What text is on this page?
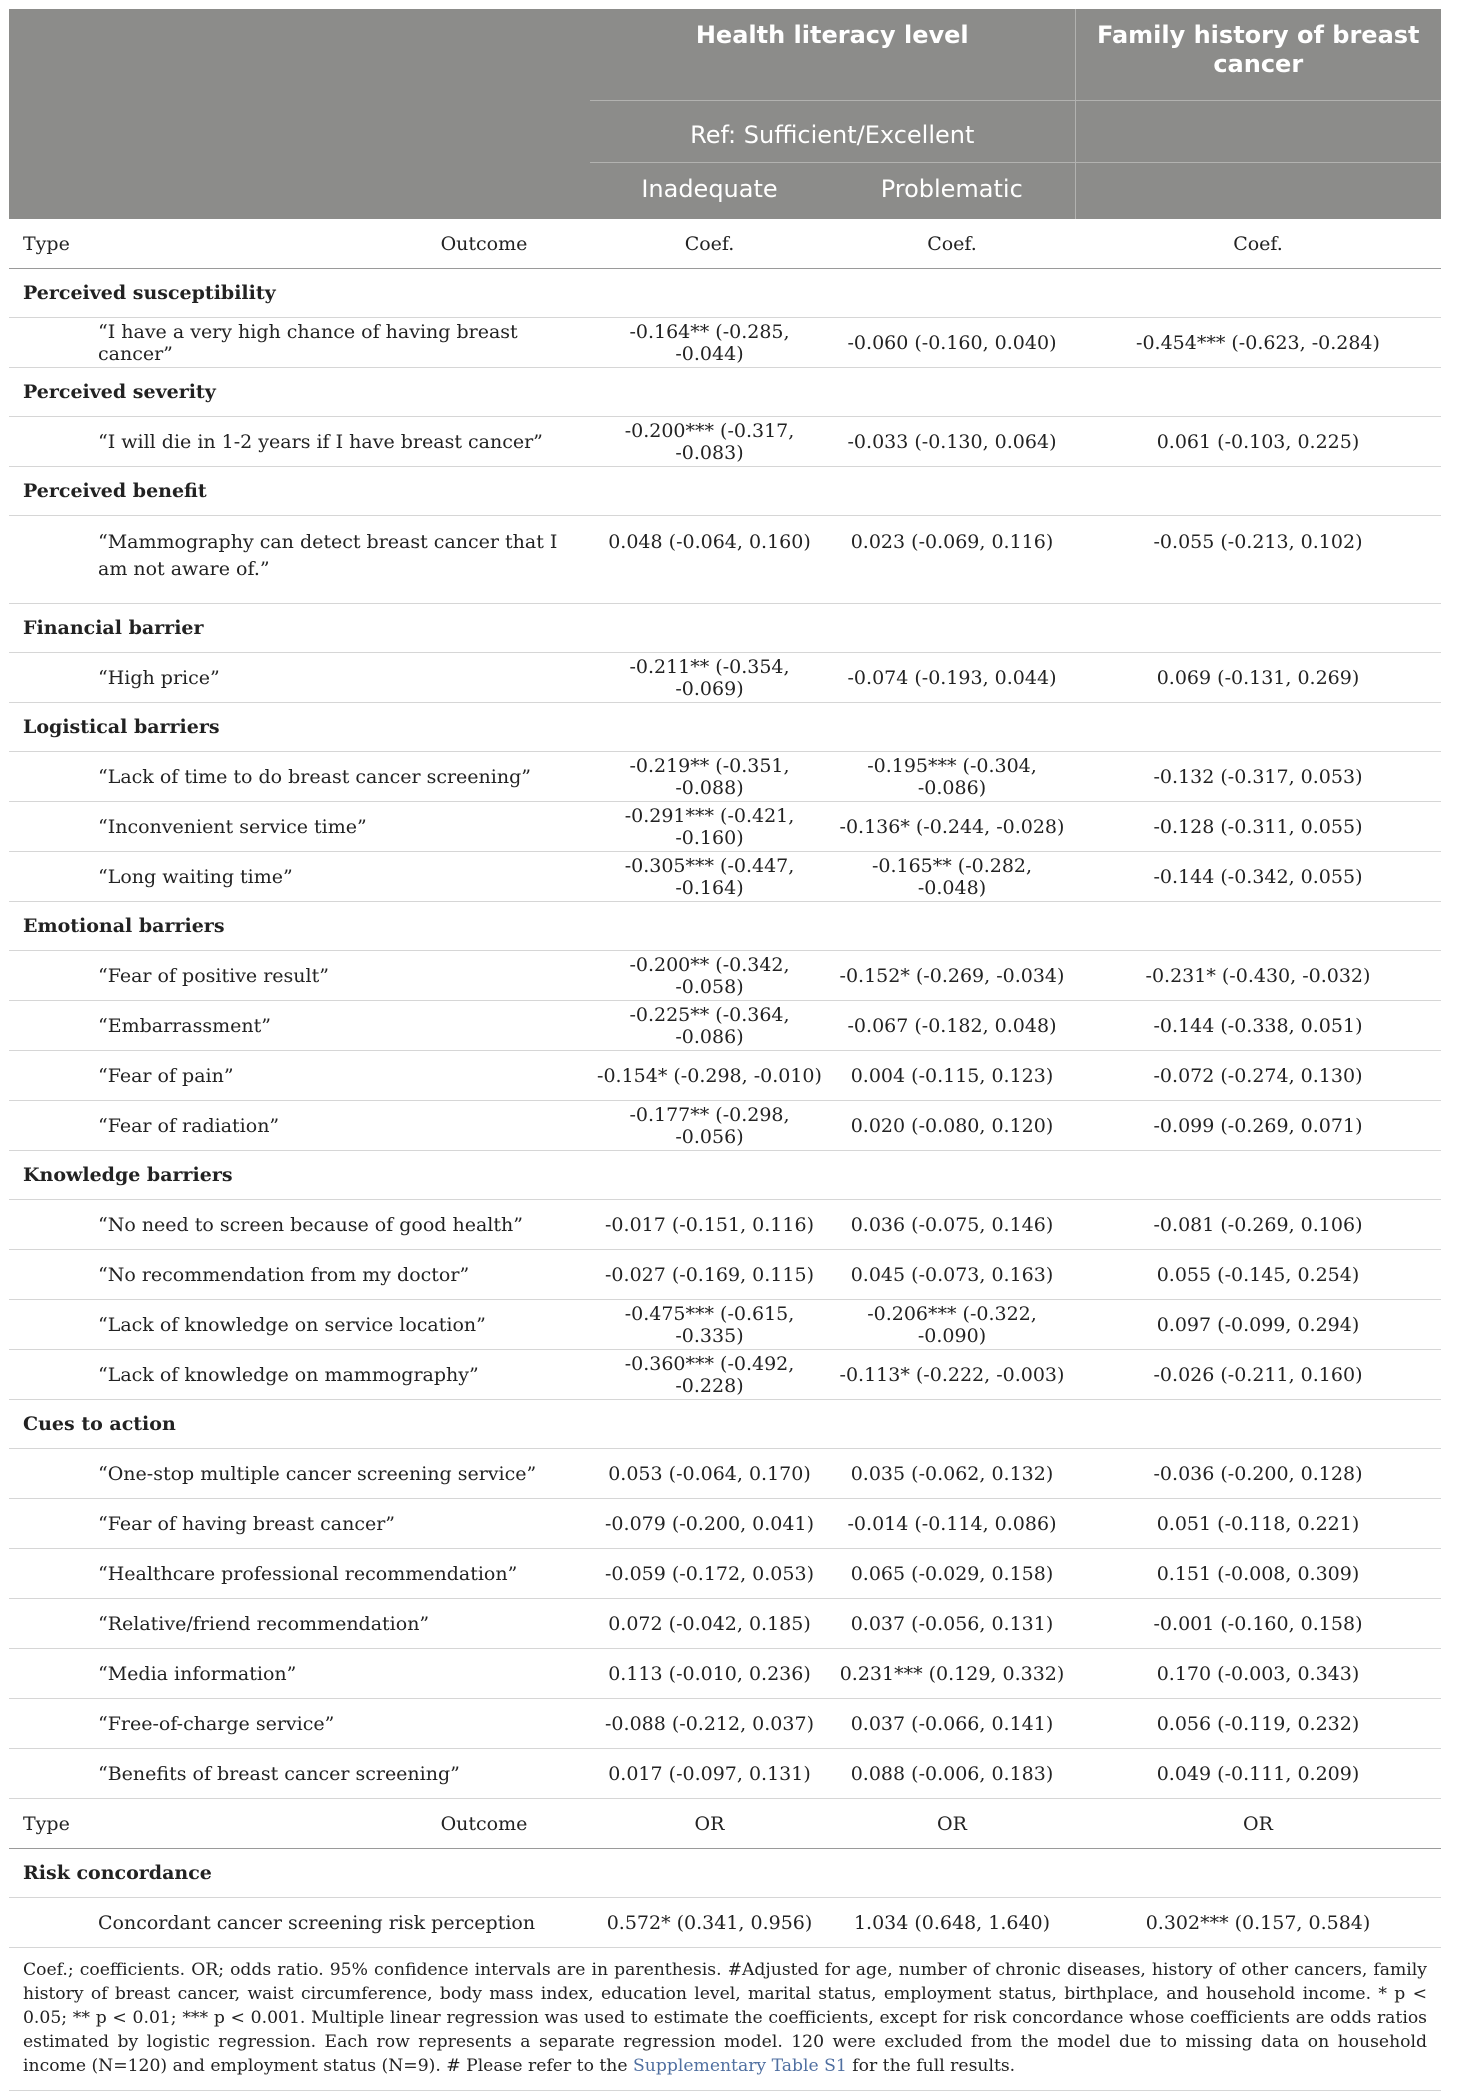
		Health literacy level		Family history of breast cancer
		Ref: Sufficient/Excellent		
		Inadequate	Problematic	
Type	Outcome	Coef.	Coef.	Coef.
Perceived susceptibility				
“I have a very high chance of having breast cancer”		-0.164** (-0.285, -0.044)	-0.060 (-0.160, 0.040)	-0.454*** (-0.623, -0.284)
Perceived severity				
“I will die in 1-2 years if I have breast cancer”		-0.200*** (-0.317, -0.083)	-0.033 (-0.130, 0.064)	0.061 (-0.103, 0.225)
Perceived benefit				
“Mammography can detect breast cancer that I am not aware of.”		0.048 (-0.064, 0.160)	0.023 (-0.069, 0.116)	-0.055 (-0.213, 0.102)
Financial barrier				
“High price”		-0.211** (-0.354, -0.069)	-0.074 (-0.193, 0.044)	0.069 (-0.131, 0.269)
Logistical barriers				
“Lack of time to do breast cancer screening”		-0.219** (-0.351, -0.088)	-0.195*** (-0.304, -0.086)	-0.132 (-0.317, 0.053)
“Inconvenient service time”		-0.291*** (-0.421, -0.160)	-0.136* (-0.244, -0.028)	-0.128 (-0.311, 0.055)
“Long waiting time”		-0.305*** (-0.447, -0.164)	-0.165** (-0.282, -0.048)	-0.144 (-0.342, 0.055)
Emotional barriers				
“Fear of positive result”		-0.200** (-0.342, -0.058)	-0.152* (-0.269, -0.034)	-0.231* (-0.430, -0.032)
“Embarrassment”		-0.225** (-0.364, -0.086)	-0.067 (-0.182, 0.048)	-0.144 (-0.338, 0.051)
“Fear of pain”		-0.154* (-0.298, -0.010)	0.004 (-0.115, 0.123)	-0.072 (-0.274, 0.130)
“Fear of radiation”		-0.177** (-0.298, -0.056)	0.020 (-0.080, 0.120)	-0.099 (-0.269, 0.071)
Knowledge barriers				
“No need to screen because of good health”		-0.017 (-0.151, 0.116)	0.036 (-0.075, 0.146)	-0.081 (-0.269, 0.106)
“No recommendation from my doctor”		-0.027 (-0.169, 0.115)	0.045 (-0.073, 0.163)	0.055 (-0.145, 0.254)
“Lack of knowledge on service location”		-0.475*** (-0.615, -0.335)	-0.206*** (-0.322, -0.090)	0.097 (-0.099, 0.294)
“Lack of knowledge on mammography”		-0.360*** (-0.492, -0.228)	-0.113* (-0.222, -0.003)	-0.026 (-0.211, 0.160)
Cues to action				
“One-stop multiple cancer screening service”		0.053 (-0.064, 0.170)	0.035 (-0.062, 0.132)	-0.036 (-0.200, 0.128)
“Fear of having breast cancer”		-0.079 (-0.200, 0.041)	-0.014 (-0.114, 0.086)	0.051 (-0.118, 0.221)
“Healthcare professional recommendation”		-0.059 (-0.172, 0.053)	0.065 (-0.029, 0.158)	0.151 (-0.008, 0.309)
“Relative/friend recommendation”		0.072 (-0.042, 0.185)	0.037 (-0.056, 0.131)	-0.001 (-0.160, 0.158)
“Media information”		0.113 (-0.010, 0.236)	0.231*** (0.129, 0.332)	0.170 (-0.003, 0.343)
“Free-of-charge service”		-0.088 (-0.212, 0.037)	0.037 (-0.066, 0.141)	0.056 (-0.119, 0.232)
“Benefits of breast cancer screening”		0.017 (-0.097, 0.131)	0.088 (-0.006, 0.183)	0.049 (-0.111, 0.209)
Type	Outcome	OR	OR	OR
Risk concordance				
Concordant cancer screening risk perception		0.572* (0.341, 0.956)	1.034 (0.648, 1.640)	0.302*** (0.157, 0.584)
Coef.; coefficients. OR; odds ratio. 95% confidence intervals are in parenthesis. #Adjusted for age, number of chronic diseases, history of other cancers, family history of breast cancer, waist circumference, body mass index, education level, marital status, employment status, birthplace, and household income. * p < 0.05; ** p < 0.01; *** p < 0.001. Multiple linear regression was used to estimate the coefficients, except for risk concordance whose coefficients are odds ratios estimated by logistic regression. Each row represents a separate regression model. 120 were excluded from the model due to missing data on household income (N=120) and employment status (N=9). # Please refer to the Supplementary Table S1 for the full results.				
